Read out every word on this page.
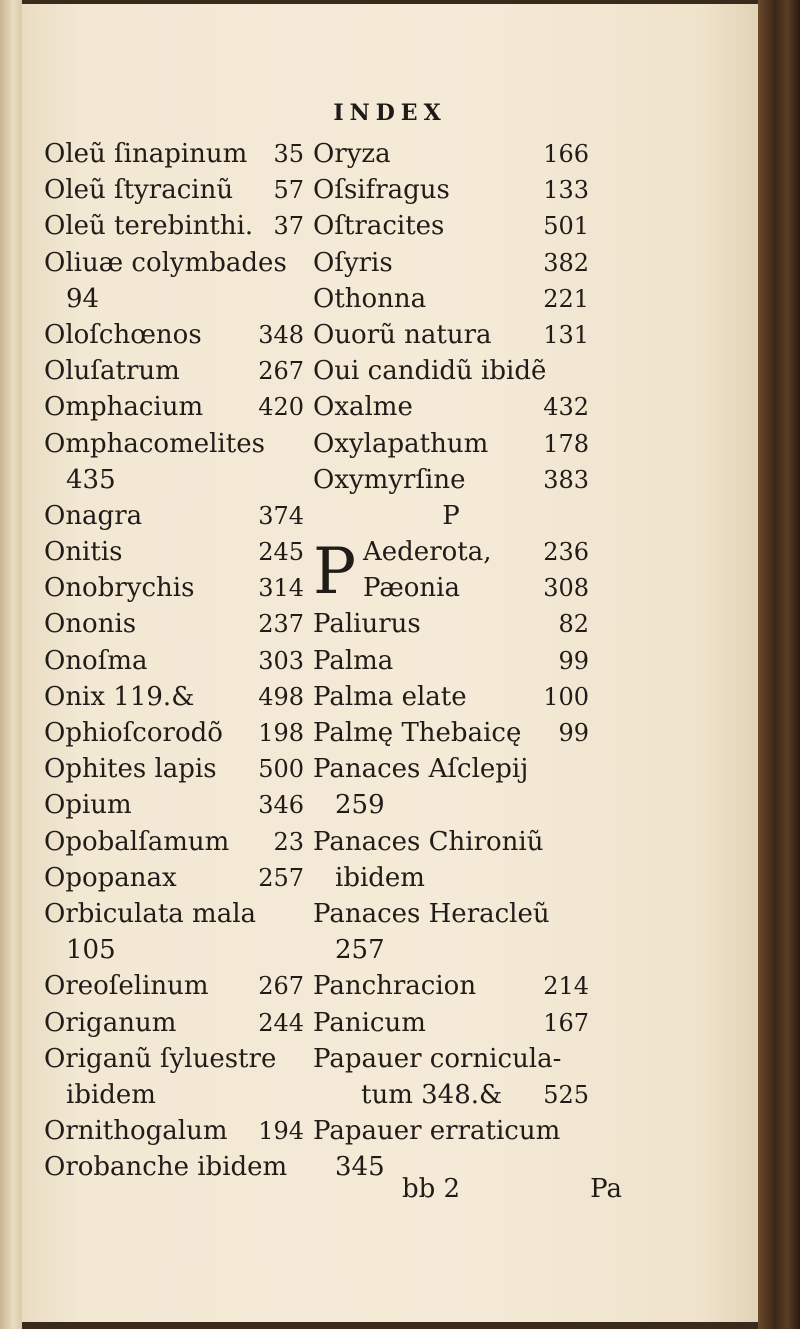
INDEX
Oleũ ſinapinum 35
Oleũ ſtyracinũ 57
Oleũ terebinthi. 37
Oliuæ colymbades
94
Oloſchœnos 348
Oluſatrum	267
Omphacium 420
Omphacomelites
435
Onagra	374
Onitis	245
Onobrychis	314
Ononis	237
Onoſma	303
Onix 119.&	498
Ophioſcorodõ 198
Ophites lapis 500
Opium	346
Opobalſamum 23
Opopanax	257
Orbiculata mala
105
Oreoſelinum 267
Origanum	244
Origanũ ſyluestre
ibidem
Ornithogalum 194
Orobanche ibidem
Oryza	166
Oſsifragus	133
Oſtracites	501
Oſyris	382
Othonna	221
Ouorũ natura 131
Oui candidũ ibidẽ
Oxalme	432
Oxylapathum 178
Oxymyrſine	383
P
P Aederota, 236
Pæonia	308
Paliurus	82
Palma	99
Palma elate	100
Palmę Thebaicę 99
Panaces Aſclepij
259
Panaces Chironiũ
ibidem
Panaces Heracleũ
257
Panchracion	214
Panicum	167
Papauer cornicula-
tum 348.& 525
Papauer erraticum
345
bb 2	Pa
